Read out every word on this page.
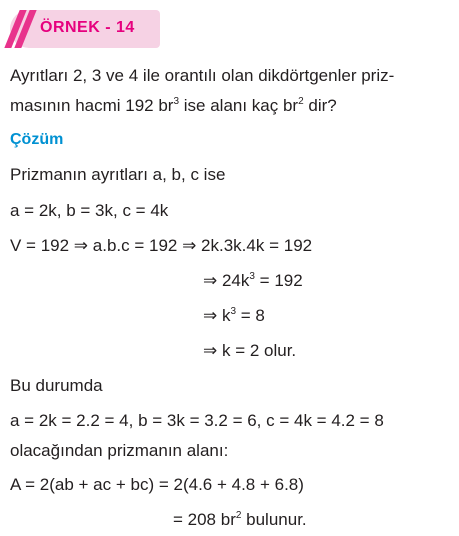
ÖRNEK - 14
Ayrıtları 2, 3 ve 4 ile orantılı olan dikdörtgenler priz-
masının hacmi 192 $br^3$ ise alanı kaç $br^2$ dir?
Çözüm
Prizmanın ayrıtları a, b, c ise
a = 2k, b = 3k, c = 4k
V = 192 ⇒ a.b.c = 192 ⇒ 2k.3k.4k = 192
⇒ $24k^3 = 192$
⇒ $k^3 = 8$
⇒ k = 2 olur.
Bu durumda
a = 2k = 2.2 = 4, b = 3k = 3.2 = 6, c = 4k = 4.2 = 8
olacağından prizmanın alanı:
A = 2(ab + ac + bc) = 2(4.6 + 4.8 + 6.8)
= 208 $br^2$ bulunur.
